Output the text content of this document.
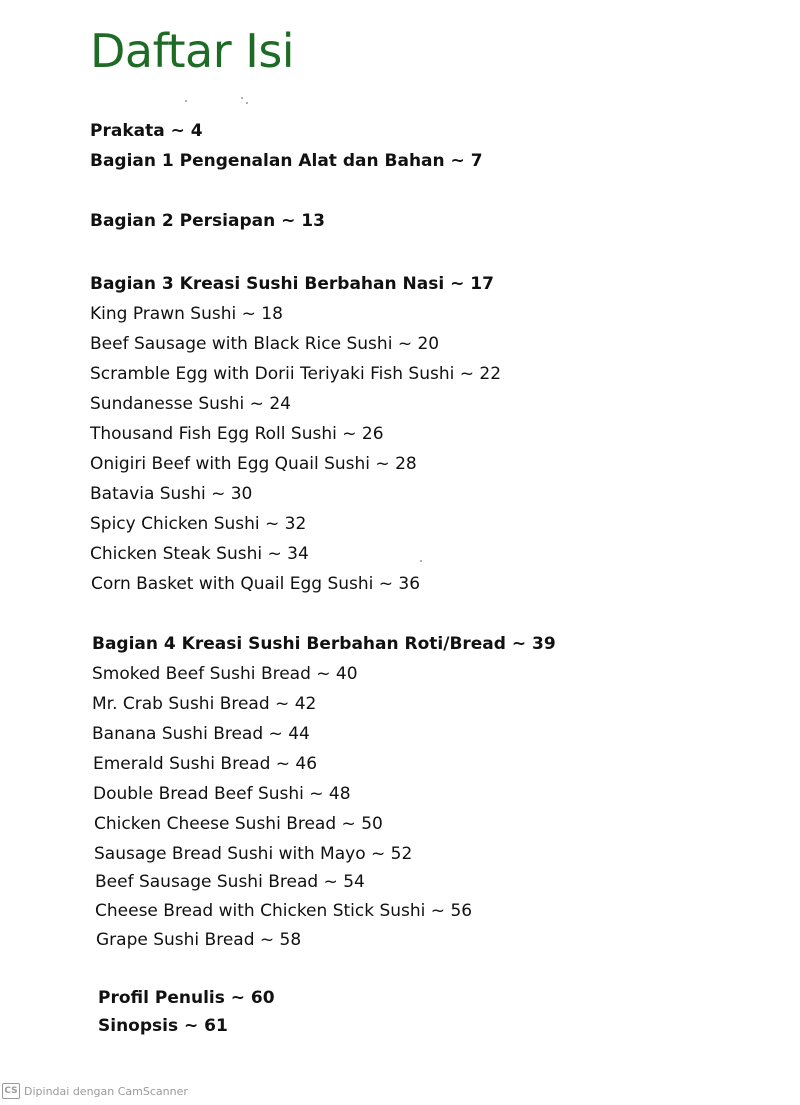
Daftar Isi
Prakata ~ 4
Bagian 1 Pengenalan Alat dan Bahan ~ 7
Bagian 2 Persiapan ~ 13
Bagian 3 Kreasi Sushi Berbahan Nasi ~ 17
King Prawn Sushi ~ 18
Beef Sausage with Black Rice Sushi ~ 20
Scramble Egg with Dorii Teriyaki Fish Sushi ~ 22
Sundanesse Sushi ~ 24
Thousand Fish Egg Roll Sushi ~ 26
Onigiri Beef with Egg Quail Sushi ~ 28
Batavia Sushi ~ 30
Spicy Chicken Sushi ~ 32
Chicken Steak Sushi ~ 34
Corn Basket with Quail Egg Sushi ~ 36
Bagian 4 Kreasi Sushi Berbahan Roti/Bread ~ 39
Smoked Beef Sushi Bread ~ 40
Mr. Crab Sushi Bread ~ 42
Banana Sushi Bread ~ 44
Emerald Sushi Bread ~ 46
Double Bread Beef Sushi ~ 48
Chicken Cheese Sushi Bread ~ 50
Sausage Bread Sushi with Mayo ~ 52
Beef Sausage Sushi Bread ~ 54
Cheese Bread with Chicken Stick Sushi ~ 56
Grape Sushi Bread ~ 58
Profil Penulis ~ 60
Sinopsis ~ 61
CS Dipindai dengan CamScanner
